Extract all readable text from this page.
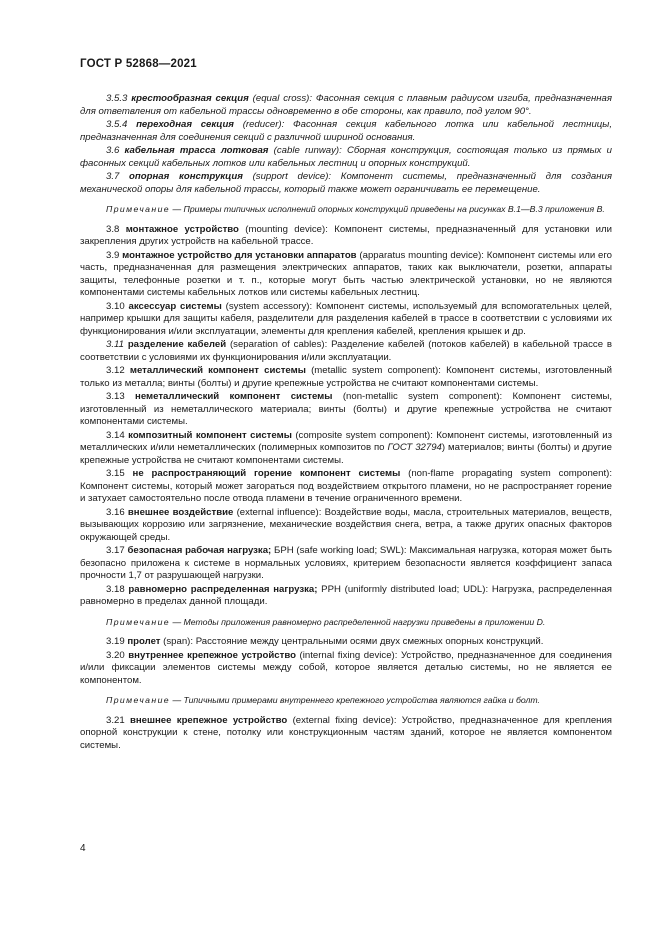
ГОСТ Р 52868—2021

3.5.3 крестообразная секция (equal cross): Фасонная секция с плавным радиусом изгиба, предназначенная для ответвления от кабельной трассы одновременно в обе стороны, как правило, под углом 90°.

3.5.4 переходная секция (reducer): Фасонная секция кабельного лотка или кабельной лестницы, предназначенная для соединения секций с различной шириной основания.

3.6 кабельная трасса лотковая (cable runway): Сборная конструкция, состоящая только из прямых и фасонных секций кабельных лотков или кабельных лестниц и опорных конструкций.

3.7 опорная конструкция (support device): Компонент системы, предназначенный для создания механической опоры для кабельной трассы, который также может ограничивать ее перемещение.

Примечание — Примеры типичных исполнений опорных конструкций приведены на рисунках В.1—В.3 приложения В.

3.8 монтажное устройство (mounting device): Компонент системы, предназначенный для установки или закрепления других устройств на кабельной трассе.

3.9 монтажное устройство для установки аппаратов (apparatus mounting device): Компонент системы или его часть, предназначенная для размещения электрических аппаратов, таких как выключатели, розетки, аппараты защиты, телефонные розетки и т. п., которые могут быть частью электрической установки, но не являются компонентами системы кабельных лотков или системы кабельных лестниц.

3.10 аксессуар системы (system accessory): Компонент системы, используемый для вспомогательных целей, например крышки для защиты кабеля, разделители для разделения кабелей в трассе в соответствии с условиями их функционирования и/или эксплуатации, элементы для крепления кабелей, крепления крышек и др.

3.11 разделение кабелей (separation of cables): Разделение кабелей (потоков кабелей) в кабельной трассе в соответствии с условиями их функционирования и/или эксплуатации.

3.12 металлический компонент системы (metallic system component): Компонент системы, изготовленный только из металла; винты (болты) и другие крепежные устройства не считают компонентами системы.

3.13 неметаллический компонент системы (non-metallic system component): Компонент системы, изготовленный из неметаллического материала; винты (болты) и другие крепежные устройства не считают компонентами системы.

3.14 композитный компонент системы (composite system component): Компонент системы, изготовленный из металлических и/или неметаллических (полимерных композитов по ГОСТ 32794) материалов; винты (болты) и другие крепежные устройства не считают компонентами системы.

3.15 не распространяющий горение компонент системы (non-flame propagating system component): Компонент системы, который может загораться под воздействием открытого пламени, но не распространяет горение и затухает самостоятельно после отвода пламени в течение ограниченного времени.

3.16 внешнее воздействие (external influence): Воздействие воды, масла, строительных материалов, веществ, вызывающих коррозию или загрязнение, механические воздействия снега, ветра, а также других опасных факторов окружающей среды.

3.17 безопасная рабочая нагрузка; БРН (safe working load; SWL): Максимальная нагрузка, которая может быть безопасно приложена к системе в нормальных условиях, критерием безопасности является коэффициент запаса прочности 1,7 от разрушающей нагрузки.

3.18 равномерно распределенная нагрузка; РРН (uniformly distributed load; UDL): Нагрузка, распределенная равномерно в пределах данной площади.

Примечание — Методы приложения равномерно распределенной нагрузки приведены в приложении D.

3.19 пролет (span): Расстояние между центральными осями двух смежных опорных конструкций.

3.20 внутреннее крепежное устройство (internal fixing device): Устройство, предназначенное для соединения и/или фиксации элементов системы между собой, которое является деталью системы, но не является ее компонентом.

Примечание — Типичными примерами внутреннего крепежного устройства являются гайка и болт.

3.21 внешнее крепежное устройство (external fixing device): Устройство, предназначенное для крепления опорной конструкции к стене, потолку или конструкционным частям зданий, которое не является компонентом системы.

4
